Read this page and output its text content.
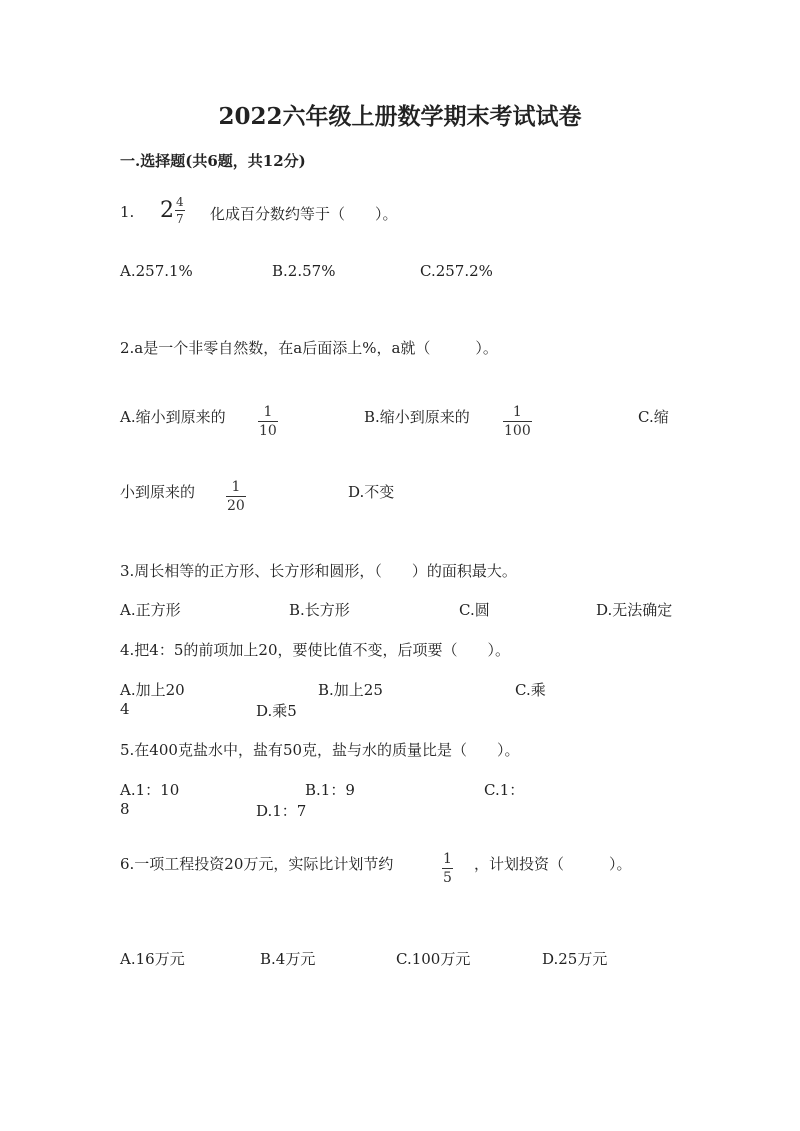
2022六年级上册数学期末考试试卷
一.选择题(共6题，共12分)
1. $2 \frac{4}{7}$ 化成百分数约等于（　　）。
A.257.1%	B.2.57%	C.257.2%
2.a是一个非零自然数，在a后面添上%，a就（　　　）。
A.缩小到原来的 $\frac{1}{10}$	B.缩小到原来的 $\frac{1}{100}$	C.缩
小到原来的 $\frac{1}{20}$	D.不变
3.周长相等的正方形、长方形和圆形，（　　）的面积最大。
A.正方形	B.长方形	C.圆	D.无法确定
4.把4：5的前项加上20，要使比值不变，后项要（　　）。
A.加上20	B.加上25	C.乘
4	D.乘5
5.在400克盐水中，盐有50克，盐与水的质量比是（　　）。
A.1：10	B.1：9	C.1：
8	D.1：7
6.一项工程投资20万元，实际比计划节约	$\frac{1}{5}$ ，计划投资（　　　）。
A.16万元	B.4万元	C.100万元	D.25万元
